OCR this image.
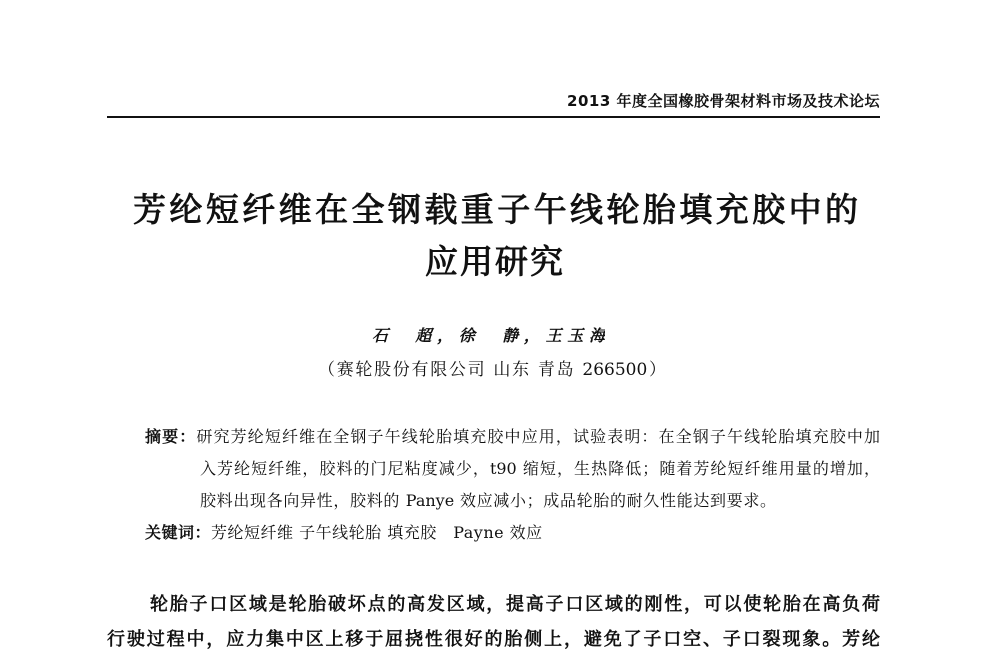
2013 年度全国橡胶骨架材料市场及技术论坛
芳纶短纤维在全钢载重子午线轮胎填充胶中的
应用研究
石　超，徐　静，王玉海
（赛轮股份有限公司 山东 青岛 266500）
摘要：研究芳纶短纤维在全钢子午线轮胎填充胶中应用，试验表明：在全钢子午线轮胎填充胶中加
入芳纶短纤维，胶料的门尼粘度减少，t90 缩短，生热降低；随着芳纶短纤维用量的增加，
胶料出现各向异性，胶料的 Panye 效应减小；成品轮胎的耐久性能达到要求。
关键词：芳纶短纤维 子午线轮胎 填充胶　Payne 效应
轮胎子口区域是轮胎破坏点的高发区域，提高子口区域的刚性，可以使轮胎在高负荷
行驶过程中，应力集中区上移于屈挠性很好的胎侧上，避免了子口空、子口裂现象。芳纶
